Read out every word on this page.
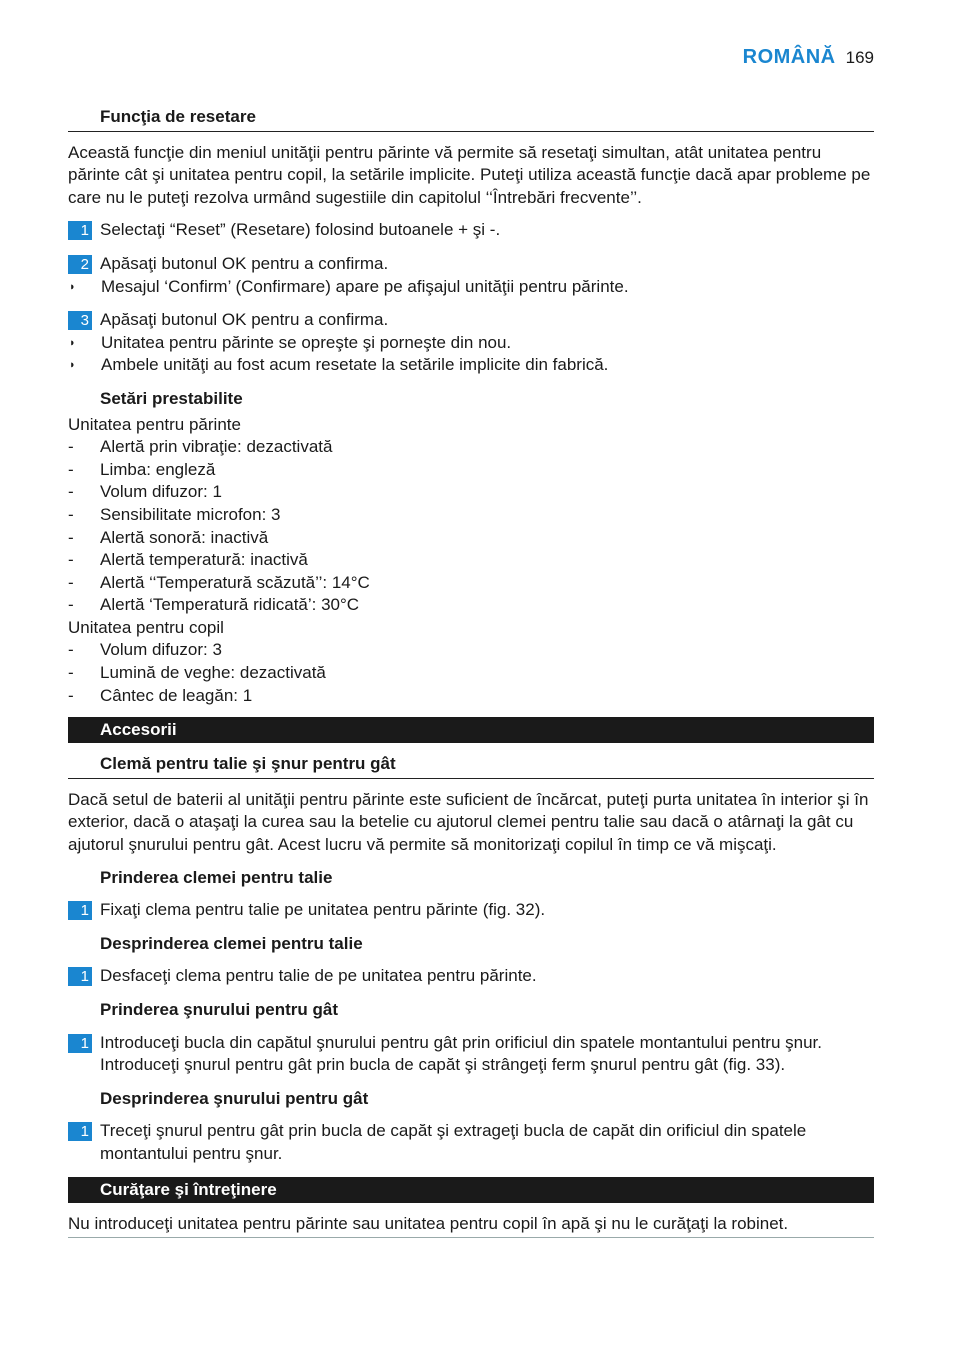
ROMÂNĂ 169
Funcţia de resetare

Această funcţie din meniul unităţii pentru părinte vă permite să resetaţi simultan, atât unitatea pentru părinte cât şi unitatea pentru copil, la setările implicite. Puteţi utiliza această funcţie dacă apar probleme pe care nu le puteţi rezolva urmând sugestiile din capitolul ‘‘Întrebări frecvente’’.

1 Selectaţi “Reset” (Resetare) folosind butoanele + şi -.
2 Apăsaţi butonul OK pentru a confirma.
◗	Mesajul ‘Confirm’ (Confirmare) apare pe afişajul unităţii pentru părinte.
3 Apăsaţi butonul OK pentru a confirma.
◗	Unitatea pentru părinte se opreşte şi porneşte din nou.
◗	Ambele unităţi au fost acum resetate la setările implicite din fabrică.
Setări prestabilite
Unitatea pentru părinte
-	Alertă prin vibraţie: dezactivată
-	Limba: engleză
-	Volum difuzor: 1
-	Sensibilitate microfon: 3
-	Alertă sonoră: inactivă
-	Alertă temperatură: inactivă
-	Alertă ‘‘Temperatură scăzută’’: 14°C
-	Alertă ‘Temperatură ridicată’: 30°C
Unitatea pentru copil
-	Volum difuzor: 3
-	Lumină de veghe: dezactivată
-	Cântec de leagăn: 1
Accesorii
Clemă pentru talie şi şnur pentru gât

Dacă setul de baterii al unităţii pentru părinte este suficient de încărcat, puteţi purta unitatea în interior şi în exterior, dacă o ataşaţi la curea sau la betelie cu ajutorul clemei pentru talie sau dacă o atârnaţi la gât cu ajutorul şnurului pentru gât. Acest lucru vă permite să monitorizaţi copilul în timp ce vă mişcaţi.

Prinderea clemei pentru talie
1 Fixaţi clema pentru talie pe unitatea pentru părinte (fig. 32).
Desprinderea clemei pentru talie
1 Desfaceţi clema pentru talie de pe unitatea pentru părinte.
Prinderea şnurului pentru gât
1 Introduceţi bucla din capătul şnurului pentru gât prin orificiul din spatele montantului pentru şnur. Introduceţi şnurul pentru gât prin bucla de capăt şi strângeţi ferm şnurul pentru gât (fig. 33).
Desprinderea şnurului pentru gât
1 Treceţi şnurul pentru gât prin bucla de capăt şi extrageţi bucla de capăt din orificiul din spatele montantului pentru şnur.
Curăţare şi întreţinere
Nu introduceţi unitatea pentru părinte sau unitatea pentru copil în apă şi nu le curăţaţi la robinet.
